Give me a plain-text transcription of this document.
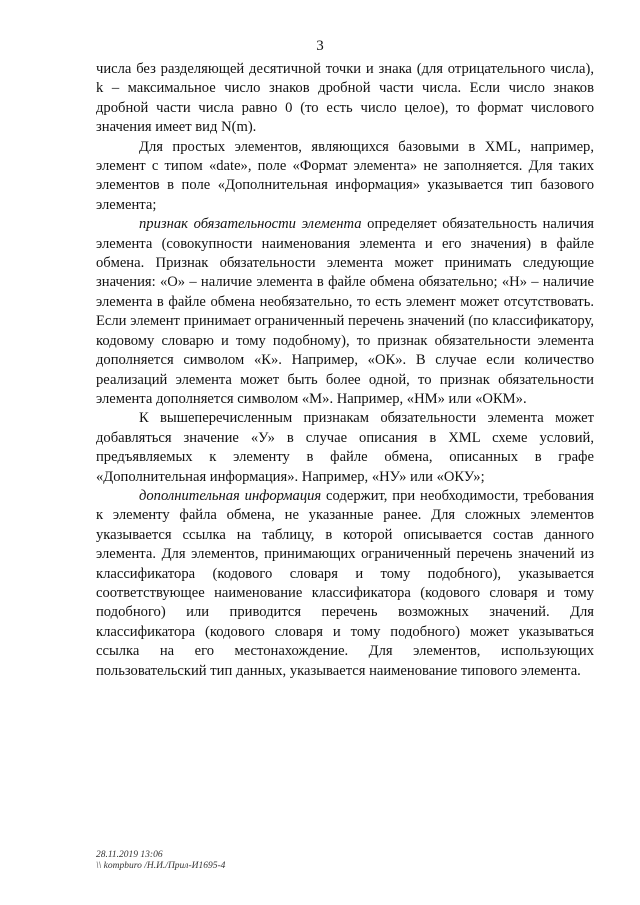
3

числа без разделяющей десятичной точки и знака (для отрицательного числа), k – максимальное число знаков дробной части числа. Если число знаков дробной части числа равно 0 (то есть число целое), то формат числового значения имеет вид N(m).

Для простых элементов, являющихся базовыми в XML, например, элемент с типом «date», поле «Формат элемента» не заполняется. Для таких элементов в поле «Дополнительная информация» указывается тип базового элемента;

признак обязательности элемента определяет обязательность наличия элемента (совокупности наименования элемента и его значения) в файле обмена. Признак обязательности элемента может принимать следующие значения: «О» – наличие элемента в файле обмена обязательно; «Н» – наличие элемента в файле обмена необязательно, то есть элемент может отсутствовать. Если элемент принимает ограниченный перечень значений (по классификатору, кодовому словарю и тому подобному), то признак обязательности элемента дополняется символом «К». Например, «ОК». В случае если количество реализаций элемента может быть более одной, то признак обязательности элемента дополняется символом «М». Например, «НМ» или «ОКМ».

К вышеперечисленным признакам обязательности элемента может добавляться значение «У» в случае описания в XML схеме условий, предъявляемых к элементу в файле обмена, описанных в графе «Дополнительная информация». Например, «НУ» или «ОКУ»;

дополнительная информация содержит, при необходимости, требования к элементу файла обмена, не указанные ранее. Для сложных элементов указывается ссылка на таблицу, в которой описывается состав данного элемента. Для элементов, принимающих ограниченный перечень значений из классификатора (кодового словаря и тому подобного), указывается соответствующее наименование классификатора (кодового словаря и тому подобного) или приводится перечень возможных значений. Для классификатора (кодового словаря и тому подобного) может указываться ссылка на его местонахождение. Для элементов, использующих пользовательский тип данных, указывается наименование типового элемента.

28.11.2019 13:06
\\ kompburo /Н.И./Прил-И1695-4
